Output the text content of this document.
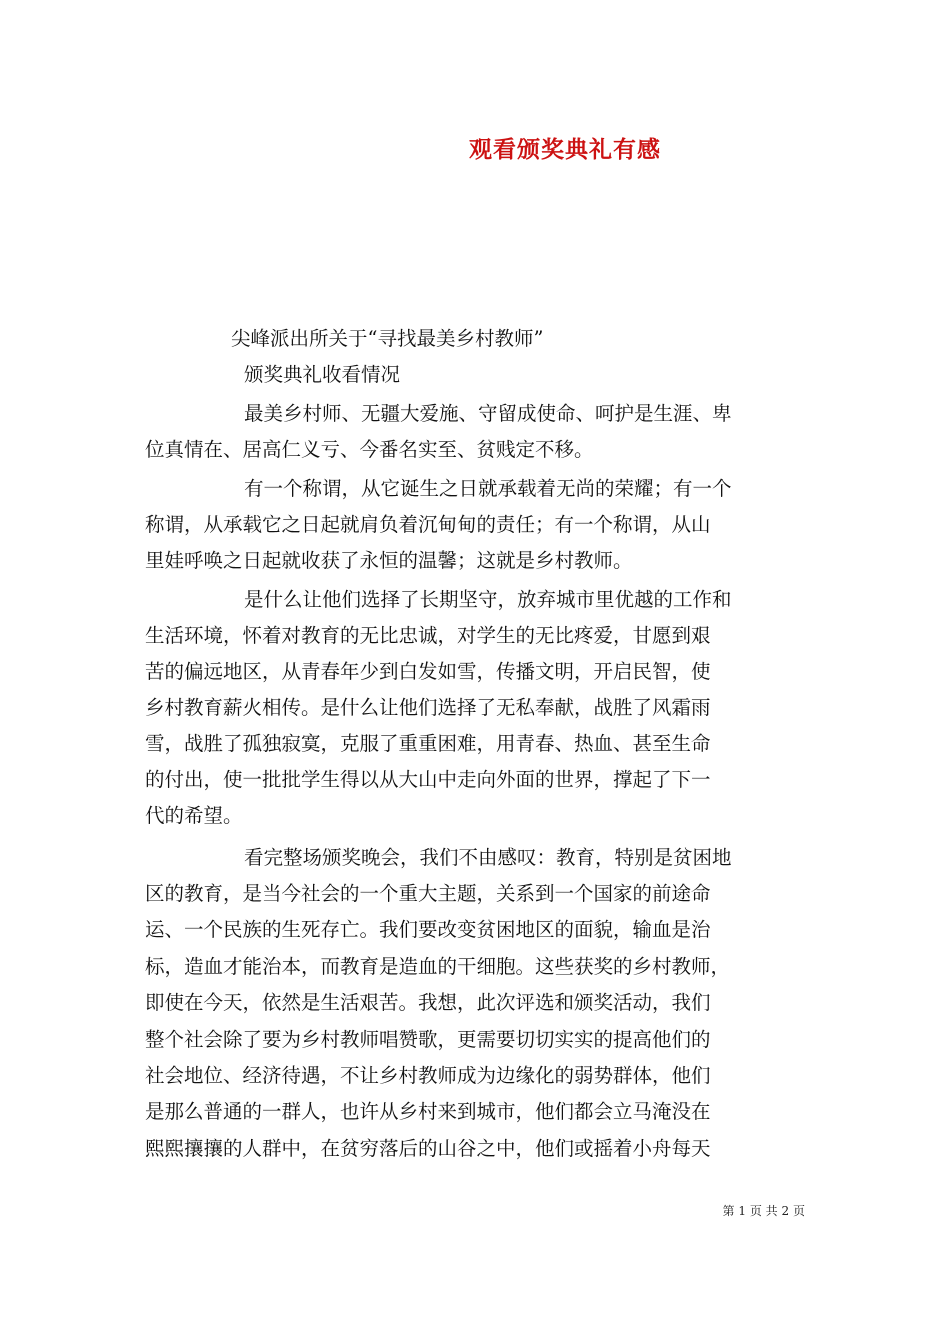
观看颁奖典礼有感
尖峰派出所关于“寻找最美乡村教师”
颁奖典礼收看情况
最美乡村师、无疆大爱施、守留成使命、呵护是生涯、卑
位真情在、居高仁义亏、今番名实至、贫贱定不移。
有一个称谓，从它诞生之日就承载着无尚的荣耀；有一个
称谓，从承载它之日起就肩负着沉甸甸的责任；有一个称谓，从山
里娃呼唤之日起就收获了永恒的温馨；这就是乡村教师。
是什么让他们选择了长期坚守，放弃城市里优越的工作和
生活环境，怀着对教育的无比忠诚，对学生的无比疼爱，甘愿到艰
苦的偏远地区，从青春年少到白发如雪，传播文明，开启民智，使
乡村教育薪火相传。是什么让他们选择了无私奉献，战胜了风霜雨
雪，战胜了孤独寂寞，克服了重重困难，用青春、热血、甚至生命
的付出，使一批批学生得以从大山中走向外面的世界，撑起了下一
代的希望。
看完整场颁奖晚会，我们不由感叹：教育，特别是贫困地
区的教育，是当今社会的一个重大主题，关系到一个国家的前途命
运、一个民族的生死存亡。我们要改变贫困地区的面貌，输血是治
标，造血才能治本，而教育是造血的干细胞。这些获奖的乡村教师，
即使在今天，依然是生活艰苦。我想，此次评选和颁奖活动，我们
整个社会除了要为乡村教师唱赞歌，更需要切切实实的提高他们的
社会地位、经济待遇，不让乡村教师成为边缘化的弱势群体，他们
是那么普通的一群人，也许从乡村来到城市，他们都会立马淹没在
熙熙攘攘的人群中，在贫穷落后的山谷之中，他们或摇着小舟每天
第 1 页 共 2 页
